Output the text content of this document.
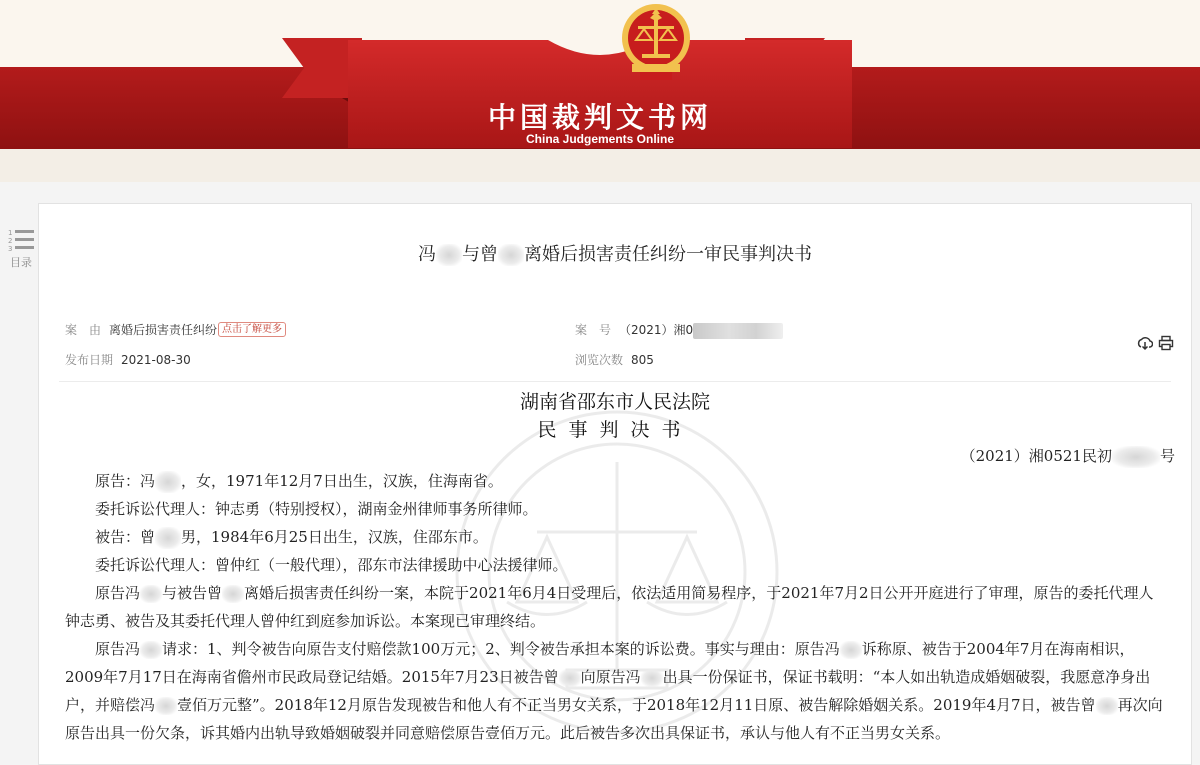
中国裁判文书网
China Judgements Online
1
2
3
目录	冯 与曾 离婚后损害责任纠纷一审民事判决书
案　由 离婚后损害责任纠纷 点击了解更多	案　号 （2021）湘0
发布日期 2021-08-30	浏览次数 805
湖南省邵东市人民法院
民事判决书
（2021）湘0521民初	号

原告：冯 ，女，1971年12月7日出生，汉族，住海南省。

委托诉讼代理人：钟志勇（特别授权），湖南金州律师事务所律师。

被告：曾 男，1984年6月25日出生，汉族，住邵东市。

委托诉讼代理人：曾仲红（一般代理），邵东市法律援助中心法援律师。

原告冯 与被告曾 离婚后损害责任纠纷一案，本院于2021年6月4日受理后，依法适用简易程序，于2021年7月2日公开开庭进行了审理，原告的委托代理人钟志勇、被告及其委托代理人曾仲红到庭参加诉讼。本案现已审理终结。

原告冯 请求：1、判令被告向原告支付赔偿款100万元；2、判令被告承担本案的诉讼费。事实与理由：原告冯 诉称原、被告于2004年7月在海南相识，2009年7月17日在海南省儋州市民政局登记结婚。2015年7月23日被告曾 向原告冯 出具一份保证书，保证书载明：“本人如出轨造成婚姻破裂，我愿意净身出户，并赔偿冯 壹佰万元整”。2018年12月原告发现被告和他人有不正当男女关系，于2018年12月11日原、被告解除婚姻关系。2019年4月7日，被告曾 再次向原告出具一份欠条，诉其婚内出轨导致婚姻破裂并同意赔偿原告壹佰万元。此后被告多次出具保证书，承认与他人有不正当男女关系。
